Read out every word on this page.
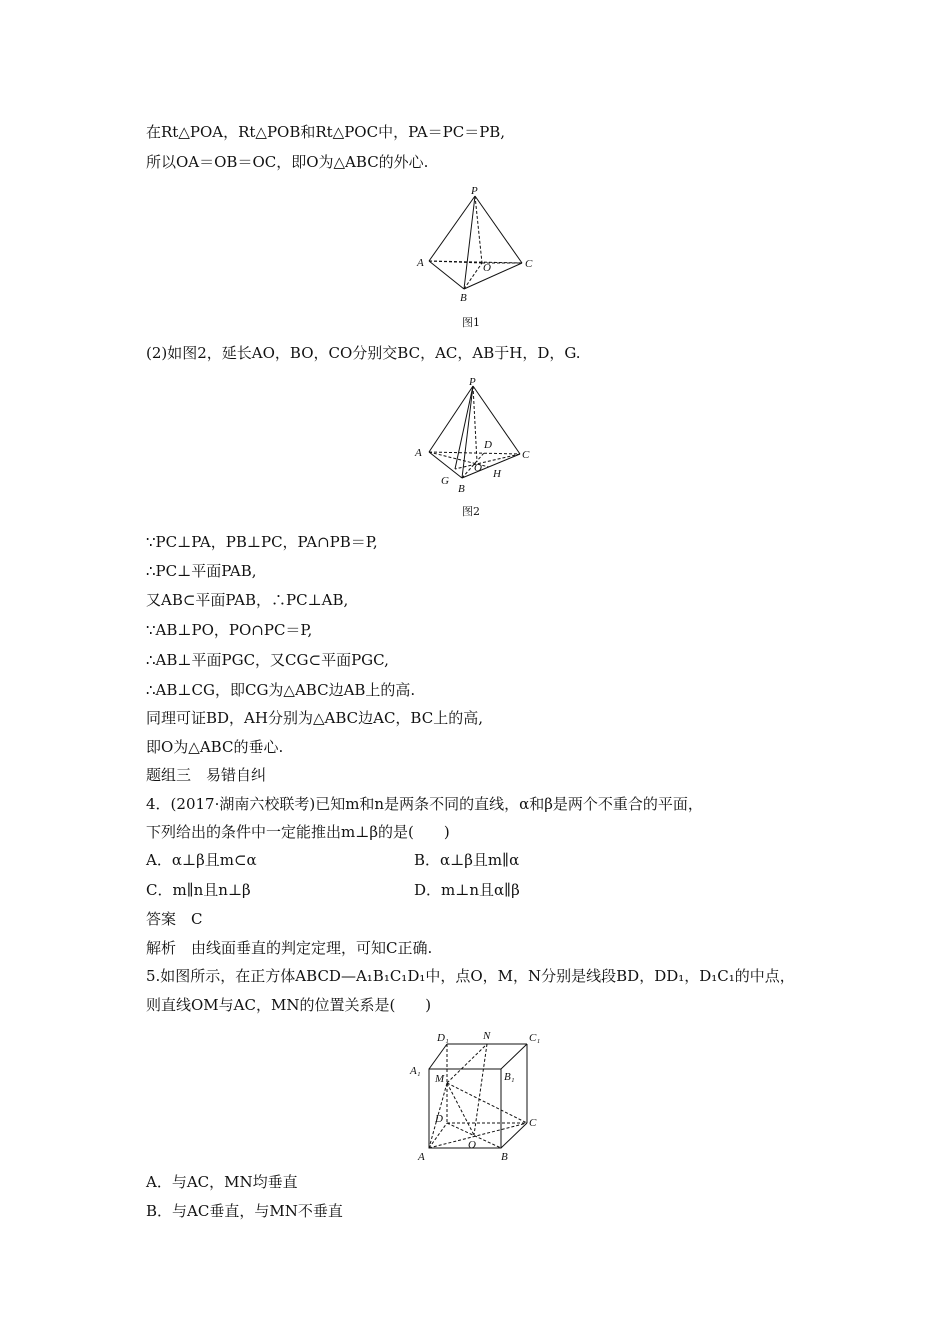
在Rt△POA，Rt△POB和Rt△POC中，PA＝PC＝PB,
所以OA＝OB＝OC，即O为△ABC的外心.
P
A	C
O
B
图1
(2)如图2，延长AO，BO，CO分别交BC，AC，AB于H，D，G.
P
A	C
D
O H
G
B
图2
∵PC⊥PA，PB⊥PC，PA∩PB＝P,
∴PC⊥平面PAB,
又AB⊂平面PAB，∴PC⊥AB,
∵AB⊥PO，PO∩PC＝P,
∴AB⊥平面PGC，又CG⊂平面PGC,
∴AB⊥CG，即CG为△ABC边AB上的高.
同理可证BD，AH分别为△ABC边AC，BC上的高,
即O为△ABC的垂心.
题组三　易错自纠
4．(2017·湖南六校联考)已知m和n是两条不同的直线，α和β是两个不重合的平面，
下列给出的条件中一定能推出m⊥β的是(　　)
A．α⊥β且m⊂α	B．α⊥β且m∥α
C．m∥n且n⊥β	D．m⊥n且α∥β
答案　C
解析　由线面垂直的判定定理，可知C正确.
5.如图所示，在正方体ABCD—A₁B₁C₁D₁中，点O，M，N分别是线段BD，DD₁，D₁C₁的中点，
则直线OM与AC，MN的位置关系是(　　)
D₁	N	C₁
A₁
M	B₁
D	C
O
A	B
A．与AC，MN均垂直
B．与AC垂直，与MN不垂直
